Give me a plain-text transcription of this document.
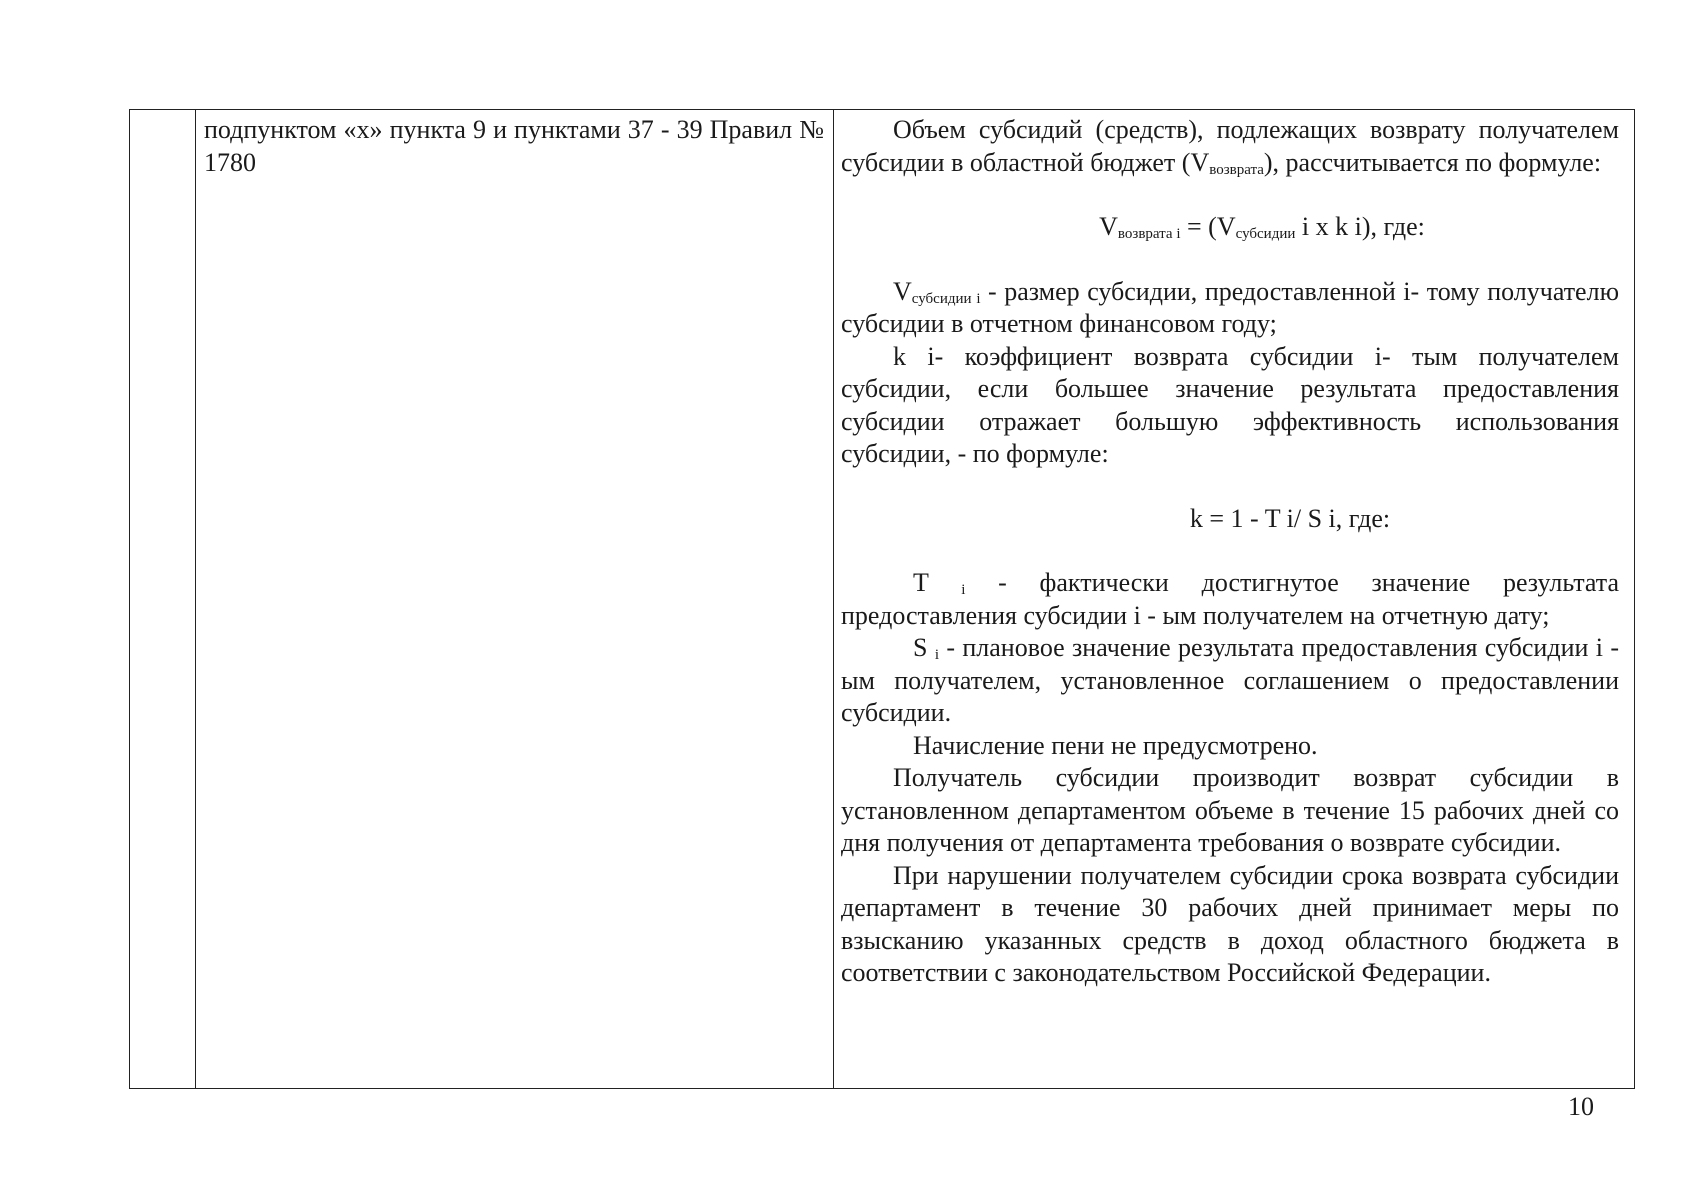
подпунктом «х» пункта 9 и пунктами 37 - 39 Правил № 1780

Объем субсидий (средств), подлежащих возврату получателем субсидии в областной бюджет $(V_{возврата})$, рассчитывается по формуле:

$V_{возврата i} = (V_{субсидии}$ i x k i), где:

$V_{субсидии i}$ - размер субсидии, предоставленной i- тому получателю субсидии в отчетном финансовом году;

k i- коэффициент возврата субсидии i- тым получателем субсидии, если большее значение результата предоставления субсидии отражает большую эффективность использования субсидии, - по формуле:

k = 1 - T i/ S i, где:

T $_i$ - фактически достигнутое значение результата предоставления субсидии i - ым получателем на отчетную дату;

S $_i$ - плановое значение результата предоставления субсидии i - ым получателем, установленное соглашением о предоставлении субсидии.

Начисление пени не предусмотрено.

Получатель субсидии производит возврат субсидии в установленном департаментом объеме в течение 15 рабочих дней со дня получения от департамента требования о возврате субсидии.

При нарушении получателем субсидии срока возврата субсидии департамент в течение 30 рабочих дней принимает меры по взысканию указанных средств в доход областного бюджета в соответствии с законодательством Российской Федерации.

10
